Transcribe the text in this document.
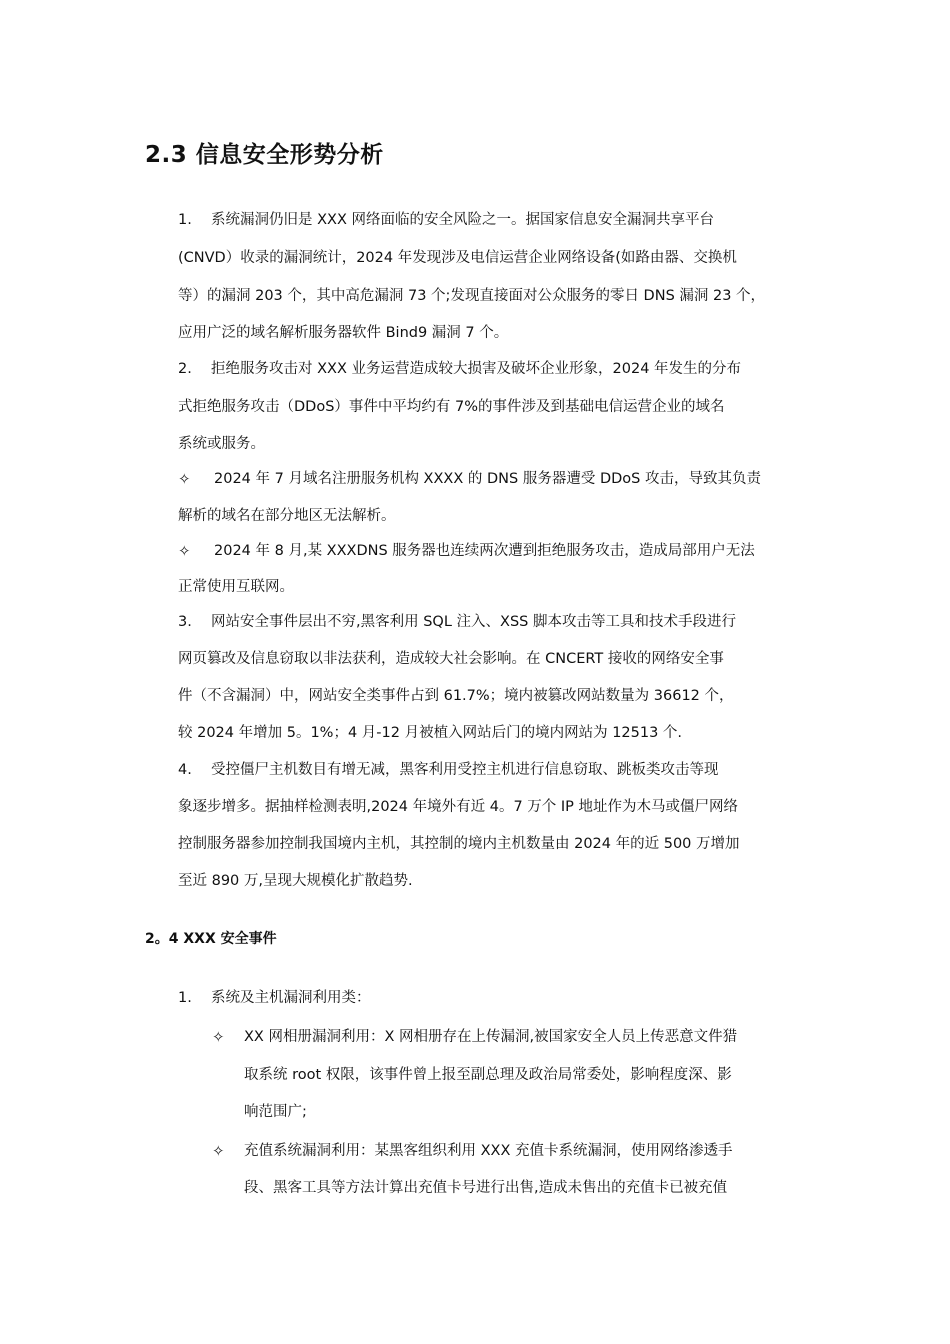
2.3 信息安全形势分析
1. 系统漏洞仍旧是 XXX 网络面临的安全风险之一。据国家信息安全漏洞共享平台
(CNVD）收录的漏洞统计，2024 年发现涉及电信运营企业网络设备(如路由器、交换机
等）的漏洞 203 个，其中高危漏洞 73 个;发现直接面对公众服务的零日 DNS 漏洞 23 个，
应用广泛的域名解析服务器软件 Bind9 漏洞 7 个。
2. 拒绝服务攻击对 XXX 业务运营造成较大损害及破坏企业形象，2024 年发生的分布
式拒绝服务攻击（DDoS）事件中平均约有 7%的事件涉及到基础电信运营企业的域名
系统或服务。
✧ 2024 年 7 月域名注册服务机构 XXXX 的 DNS 服务器遭受 DDoS 攻击，导致其负责
解析的域名在部分地区无法解析。
✧ 2024 年 8 月,某 XXXDNS 服务器也连续两次遭到拒绝服务攻击，造成局部用户无法
正常使用互联网。
3. 网站安全事件层出不穷,黑客利用 SQL 注入、XSS 脚本攻击等工具和技术手段进行
网页篡改及信息窃取以非法获利，造成较大社会影响。在 CNCERT 接收的网络安全事
件（不含漏洞）中，网站安全类事件占到 61.7%；境内被篡改网站数量为 36612 个，
较 2024 年增加 5。1%；4 月-12 月被植入网站后门的境内网站为 12513 个.
4. 受控僵尸主机数目有增无减，黑客利用受控主机进行信息窃取、跳板类攻击等现
象逐步增多。据抽样检测表明,2024 年境外有近 4。7 万个 IP 地址作为木马或僵尸网络
控制服务器参加控制我国境内主机，其控制的境内主机数量由 2024 年的近 500 万增加
至近 890 万,呈现大规模化扩散趋势.
2。4 XXX 安全事件
1. 系统及主机漏洞利用类：
✧ XX 网相册漏洞利用：X 网相册存在上传漏洞,被国家安全人员上传恶意文件猎
取系统 root 权限，该事件曾上报至副总理及政治局常委处，影响程度深、影
响范围广;
✧ 充值系统漏洞利用：某黑客组织利用 XXX 充值卡系统漏洞，使用网络渗透手
段、黑客工具等方法计算出充值卡号进行出售,造成未售出的充值卡已被充值
